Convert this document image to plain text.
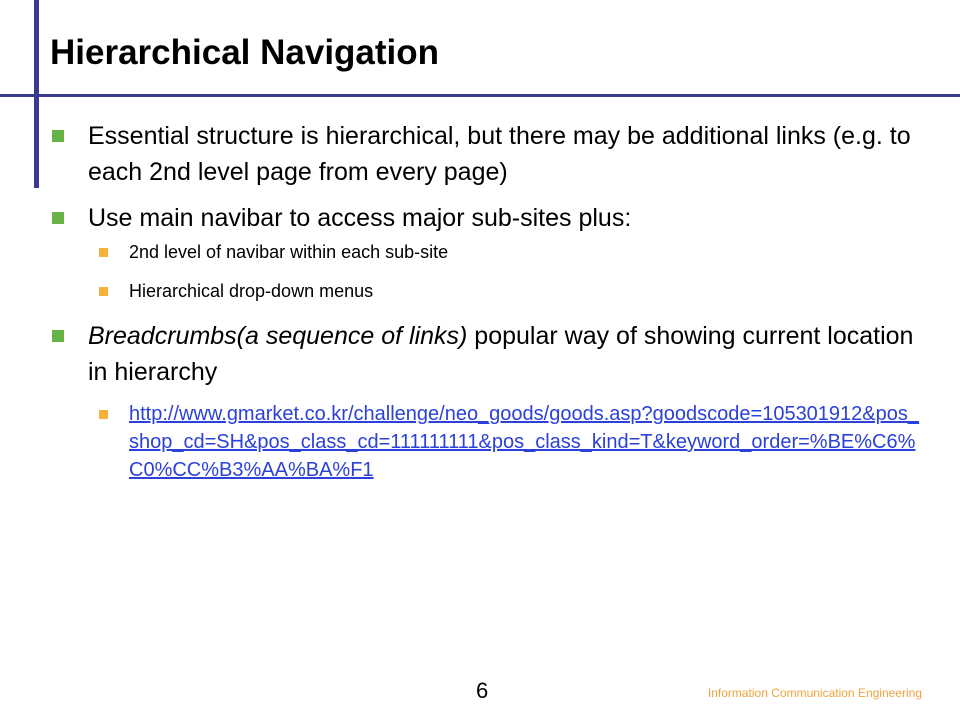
Hierarchical Navigation
Essential structure is hierarchical, but there may be additional links (e.g. to each 2nd level page from every page)
Use main navibar to access major sub-sites plus:
2nd level of navibar within each sub-site
Hierarchical drop-down menus
Breadcrumbs(a sequence of links) popular way of showing current location in hierarchy
http://www.gmarket.co.kr/challenge/neo_goods/goods.asp?goodscode=105301912&pos_shop_cd=SH&pos_class_cd=111111111&pos_class_kind=T&keyword_order=%BE%C6%C0%CC%B3%AA%BA%F1
6	Information Communication Engineering
